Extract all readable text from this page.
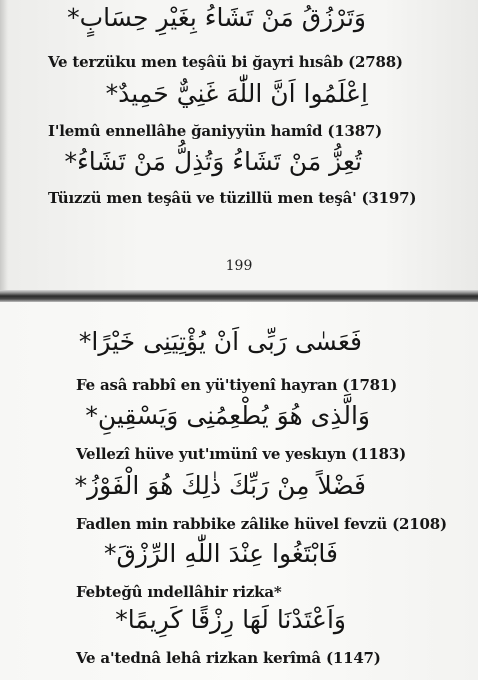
وَتَرْزُقُ مَنْ تَشَاءُ بِغَيْرِ حِسَابٍ*
Ve terzüku men teşâü bi ğayri hısâb (2788)
اِعْلَمُوا اَنَّ اللّٰهَ غَنِيٌّ حَمِيدٌ*
I'lemû ennellâhe ğaniyyün hamîd (1387)
تُعِزُّ مَنْ تَشَاءُ وَتُذِلُّ مَنْ تَشَاءُ*
Tüızzü men teşâü ve tüzillü men teşâ' (3197)
199
فَعَسٰى رَبِّى اَنْ يُؤْتِيَنِى خَيْرًا*
Fe asâ rabbî en yü'tiyenî hayran (1781)
وَالَّذِى هُوَ يُطْعِمُنِى وَيَسْقِينِ*
Vellezî hüve yut'ımünî ve yeskıyn (1183)
فَضْلاً مِنْ رَبِّكَ ذٰلِكَ هُوَ الْفَوْزُ*
Fadlen min rabbike zâlike hüvel fevzü (2108)
فَابْتَغُوا عِنْدَ اللّٰهِ الرِّزْقَ*
Febteğû ındellâhir rizka*
وَاَعْتَدْنَا لَهَا رِزْقًا كَرِيمًا*
Ve a'tednâ lehâ rizkan kerîmâ (1147)
